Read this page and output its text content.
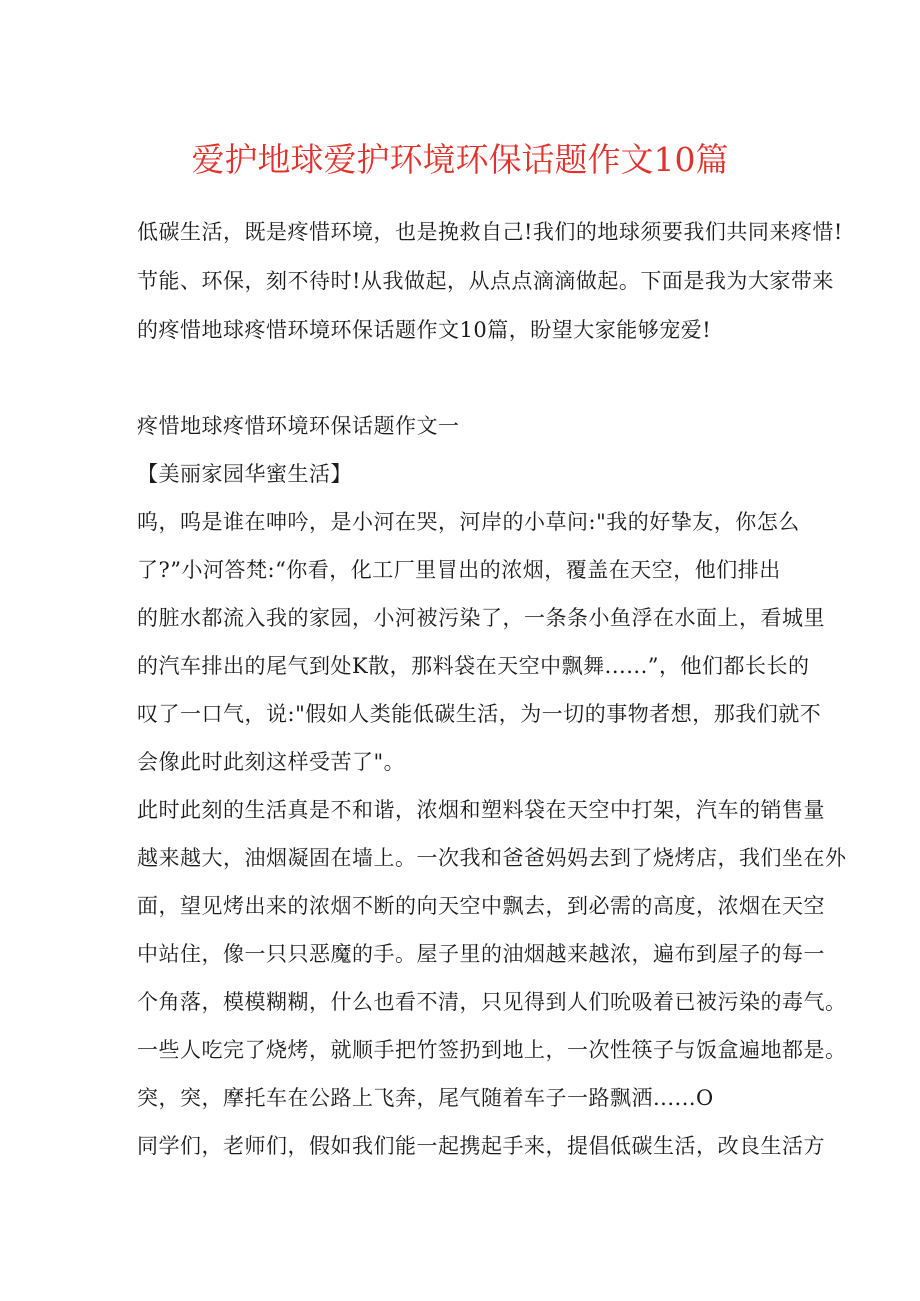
爱护地球爱护环境环保话题作文10篇
低碳生活，既是疼惜环境，也是挽救自己!我们的地球须要我们共同来疼惜!
节能、环保，刻不待时!从我做起，从点点滴滴做起。下面是我为大家带来
的疼惜地球疼惜环境环保话题作文10篇，盼望大家能够宠爱!
疼惜地球疼惜环境环保话题作文一
【美丽家园华蜜生活】
呜，呜是谁在呻吟，是小河在哭，河岸的小草问:"我的好挚友，你怎么
了?”小河答梵:“你看，化工厂里冒出的浓烟，覆盖在天空，他们排出
的脏水都流入我的家园，小河被污染了，一条条小鱼浮在水面上，看城里
的汽车排出的尾气到处K散，那料袋在天空中飘舞......”，他们都长长的
叹了一口气，说:"假如人类能低碳生活，为一切的事物者想，那我们就不
会像此时此刻这样受苦了"。
此时此刻的生活真是不和谐，浓烟和塑料袋在天空中打架，汽车的销售量
越来越大，油烟凝固在墙上。一次我和爸爸妈妈去到了烧烤店，我们坐在外
面，望见烤出来的浓烟不断的向天空中飘去，到必需的高度，浓烟在天空
中站住，像一只只恶魔的手。屋子里的油烟越来越浓，遍布到屋子的每一
个角落，模模糊糊，什么也看不清，只见得到人们吮吸着已被污染的毒气。
一些人吃完了烧烤，就顺手把竹签扔到地上，一次性筷子与饭盒遍地都是。
突，突，摩托车在公路上飞奔，尾气随着车子一路飘洒......O
同学们，老师们，假如我们能一起携起手来，提倡低碳生活，改良生活方
